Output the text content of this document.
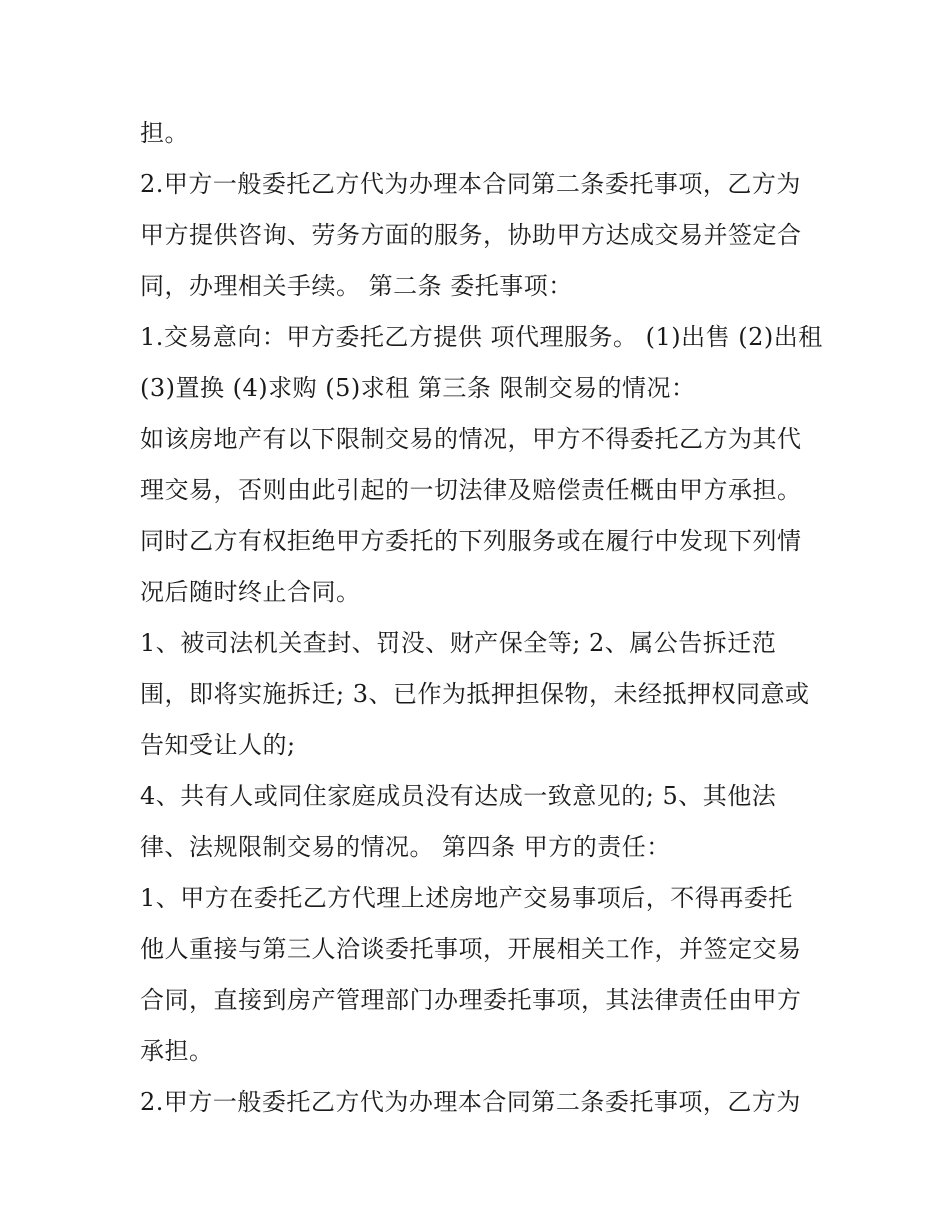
担。
2.甲方一般委托乙方代为办理本合同第二条委托事项，乙方为
甲方提供咨询、劳务方面的服务，协助甲方达成交易并签定合
同，办理相关手续。 第二条 委托事项：
1.交易意向：甲方委托乙方提供 项代理服务。 (1)出售 (2)出租
(3)置换 (4)求购 (5)求租 第三条 限制交易的情况：
如该房地产有以下限制交易的情况，甲方不得委托乙方为其代
理交易，否则由此引起的一切法律及赔偿责任概由甲方承担。
同时乙方有权拒绝甲方委托的下列服务或在履行中发现下列情
况后随时终止合同。
1、被司法机关查封、罚没、财产保全等; 2、属公告拆迁范
围，即将实施拆迁; 3、已作为抵押担保物，未经抵押权同意或
告知受让人的;
4、共有人或同住家庭成员没有达成一致意见的; 5、其他法
律、法规限制交易的情况。 第四条 甲方的责任：
1、甲方在委托乙方代理上述房地产交易事项后，不得再委托
他人重接与第三人洽谈委托事项，开展相关工作，并签定交易
合同，直接到房产管理部门办理委托事项，其法律责任由甲方
承担。
2.甲方一般委托乙方代为办理本合同第二条委托事项，乙方为
